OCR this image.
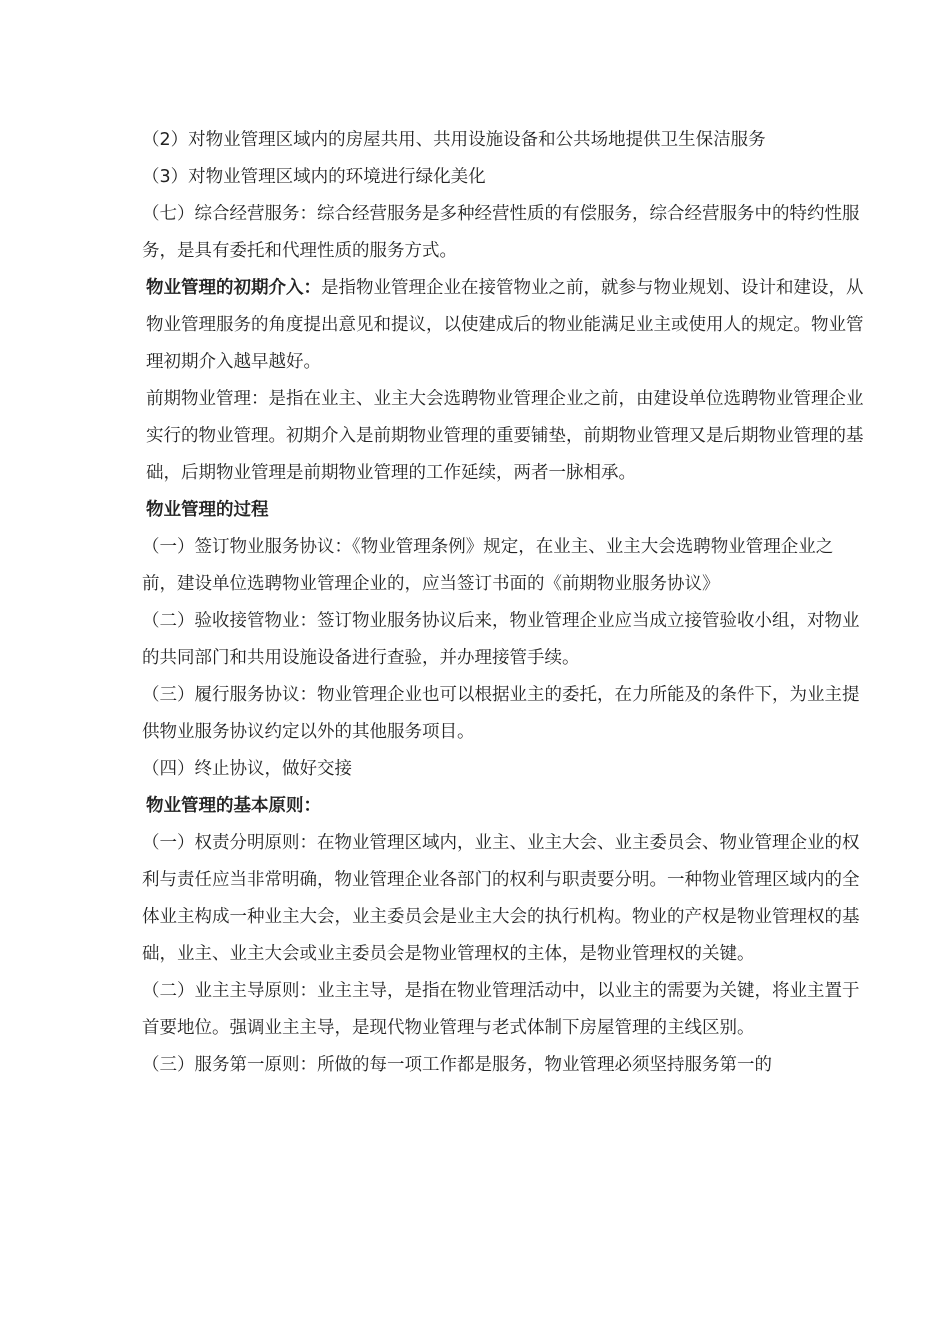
（2）对物业管理区域内的房屋共用、共用设施设备和公共场地提供卫生保洁服务

（3）对物业管理区域内的环境进行绿化美化

（七）综合经营服务：综合经营服务是多种经营性质的有偿服务，综合经营服务中的特约性服务，是具有委托和代理性质的服务方式。

物业管理的初期介入：是指物业管理企业在接管物业之前，就参与物业规划、设计和建设，从物业管理服务的角度提出意见和提议，以使建成后的物业能满足业主或使用人的规定。物业管理初期介入越早越好。

前期物业管理：是指在业主、业主大会选聘物业管理企业之前，由建设单位选聘物业管理企业实行的物业管理。初期介入是前期物业管理的重要铺垫，前期物业管理又是后期物业管理的基础，后期物业管理是前期物业管理的工作延续，两者一脉相承。

物业管理的过程

（一）签订物业服务协议：《物业管理条例》规定，在业主、业主大会选聘物业管理企业之前，建设单位选聘物业管理企业的，应当签订书面的《前期物业服务协议》

（二）验收接管物业：签订物业服务协议后来，物业管理企业应当成立接管验收小组，对物业的共同部门和共用设施设备进行查验，并办理接管手续。

（三）履行服务协议：物业管理企业也可以根据业主的委托，在力所能及的条件下，为业主提供物业服务协议约定以外的其他服务项目。

（四）终止协议，做好交接

物业管理的基本原则：

（一）权责分明原则：在物业管理区域内，业主、业主大会、业主委员会、物业管理企业的权利与责任应当非常明确，物业管理企业各部门的权利与职责要分明。一种物业管理区域内的全体业主构成一种业主大会，业主委员会是业主大会的执行机构。物业的产权是物业管理权的基础，业主、业主大会或业主委员会是物业管理权的主体，是物业管理权的关键。

（二）业主主导原则：业主主导，是指在物业管理活动中，以业主的需要为关键，将业主置于首要地位。强调业主主导，是现代物业管理与老式体制下房屋管理的主线区别。

（三）服务第一原则：所做的每一项工作都是服务，物业管理必须坚持服务第一的
